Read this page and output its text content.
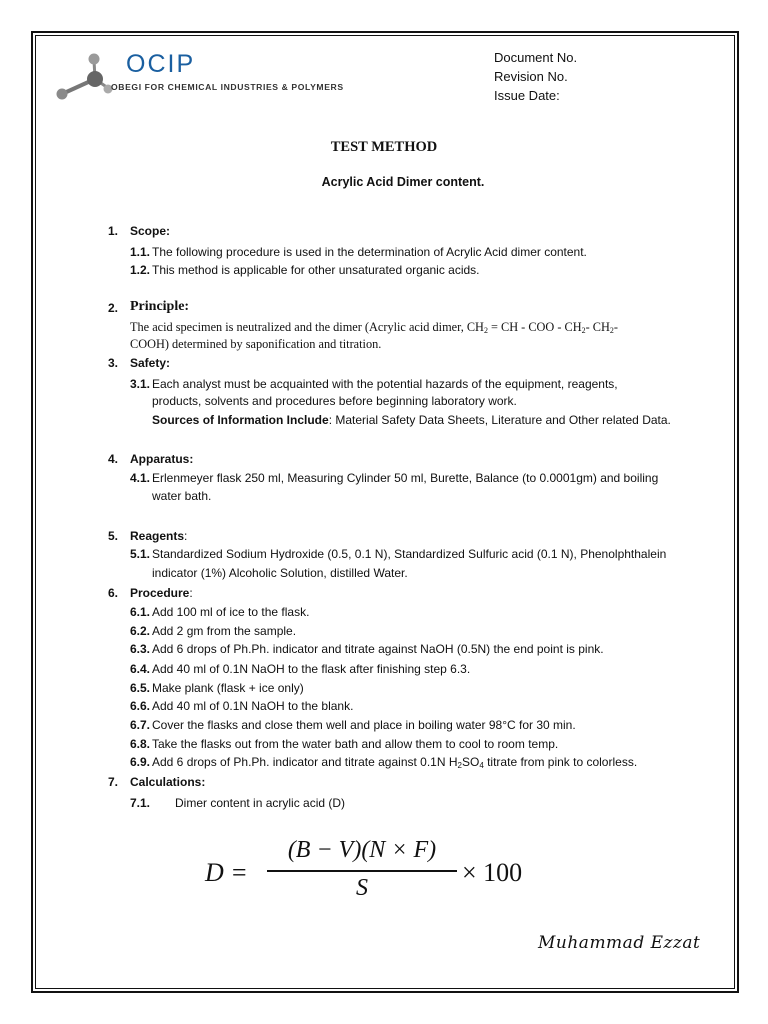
OCIP
OBEGI FOR CHEMICAL INDUSTRIES & POLYMERS
Document No.
Revision No.
Issue Date:
TEST METHOD
Acrylic Acid Dimer content.
1. Scope:
1.1. The following procedure is used in the determination of Acrylic Acid dimer content.
1.2. This method is applicable for other unsaturated organic acids.
2. Principle:
The acid specimen is neutralized and the dimer (Acrylic acid dimer, $CH_2$ = CH - COO - $CH_2-$ $CH_2-$
COOH) determined by saponification and titration.
3. Safety:
3.1. Each analyst must be acquainted with the potential hazards of the equipment, reagents,
products, solvents and procedures before beginning laboratory work.
Sources of Information Include: Material Safety Data Sheets, Literature and Other related Data.
4. Apparatus:
4.1. Erlenmeyer flask 250 ml, Measuring Cylinder 50 ml, Burette, Balance (to 0.0001gm) and boiling
water bath.
5. Reagents:
5.1. Standardized Sodium Hydroxide (0.5, 0.1 N), Standardized Sulfuric acid (0.1 N), Phenolphthalein
indicator (1%) Alcoholic Solution, distilled Water.
6. Procedure:
6.1. Add 100 ml of ice to the flask.
6.2. Add 2 gm from the sample.
6.3. Add 6 drops of Ph.Ph. indicator and titrate against NaOH (0.5N) the end point is pink.
6.4. Add 40 ml of 0.1N NaOH to the flask after finishing step 6.3.
6.5. Make plank (flask + ice only)
6.6. Add 40 ml of 0.1N NaOH to the blank.
6.7. Cover the flasks and close them well and place in boiling water 98°C for 30 min.
6.8. Take the flasks out from the water bath and allow them to cool to room temp.
6.9. Add 6 drops of Ph.Ph. indicator and titrate against 0.1N $H_2SO_4$ titrate from pink to colorless.
7. Calculations:
7.1. Dimer content in acrylic acid (D)
D =
(B − V)(N × F)
S
× 100
Muhammad Ezzat
